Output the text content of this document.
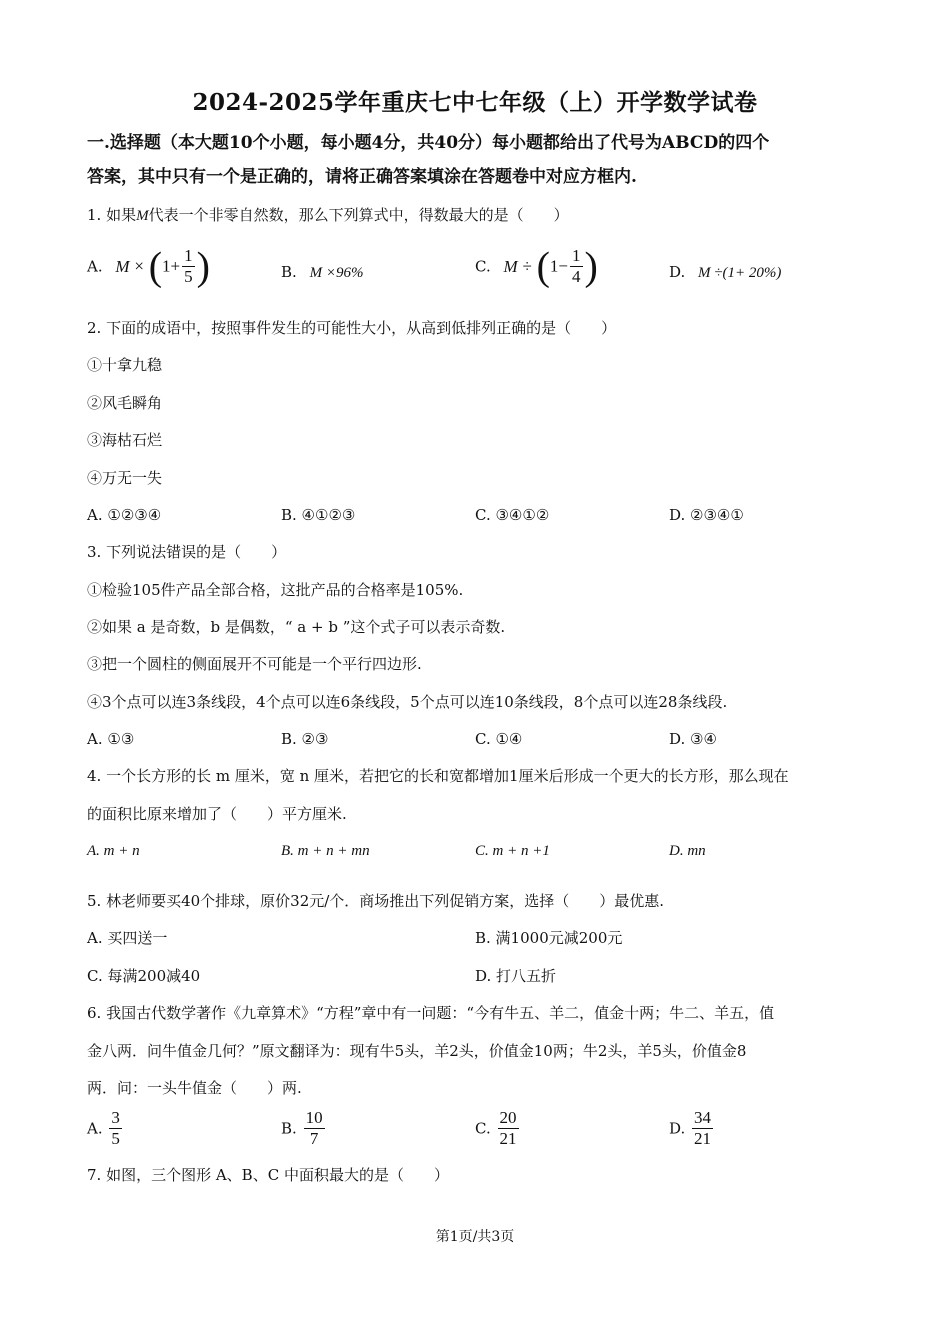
2024-2025学年重庆七中七年级（上）开学数学试卷
一.选择题（本大题10个小题，每小题4分，共40分）每小题都给出了代号为ABCD的四个
答案，其中只有一个是正确的，请将正确答案填涂在答题卷中对应方框内.
1. 如果M代表一个非零自然数，那么下列算式中，得数最大的是（　　）
A. $M \times (1+ \frac{1}{5}$ )	B. M ×96%	C. $M \div (1- \frac{1}{4}$ )	D. M ÷(1+ 20%)
2. 下面的成语中，按照事件发生的可能性大小，从高到低排列正确的是（　　）
①十拿九稳
②风毛瞬角
③海枯石烂
④万无一失
A. ①②③④	B. ④①②③	C. ③④①②	D. ②③④①
3. 下列说法错误的是（　　）
①检验105件产品全部合格，这批产品的合格率是105%.
②如果 a 是奇数，b 是偶数，“ a + b ”这个式子可以表示奇数.
③把一个圆柱的侧面展开不可能是一个平行四边形.
④3个点可以连3条线段，4个点可以连6条线段，5个点可以连10条线段，8个点可以连28条线段.
A. ①③	B. ②③	C. ①④	D. ③④
4. 一个长方形的长 m 厘米，宽 n 厘米，若把它的长和宽都增加1厘米后形成一个更大的长方形，那么现在
的面积比原来增加了（　　）平方厘米.
A. m + n	B. m + n + mn	C. m + n +1	D. mn
5. 林老师要买40个排球，原价32元/个．商场推出下列促销方案，选择（　　）最优惠.
A. 买四送一	B. 满1000元减200元
C. 每满200减40	D. 打八五折
6. 我国古代数学著作《九章算术》“方程”章中有一问题：“今有牛五、羊二，值金十两；牛二、羊五，值
金八两．问牛值金几何？”原文翻译为：现有牛5头，羊2头，价值金10两；牛2头，羊5头，价值金8
两．问：一头牛值金（　　）两.
A. $\frac{3}{5}$	B. $\frac{10}{7}$	C. $\frac{20}{21}$	D. $\frac{34}{21}$
7. 如图，三个图形 A、B、C 中面积最大的是（　　）
第1页/共3页
